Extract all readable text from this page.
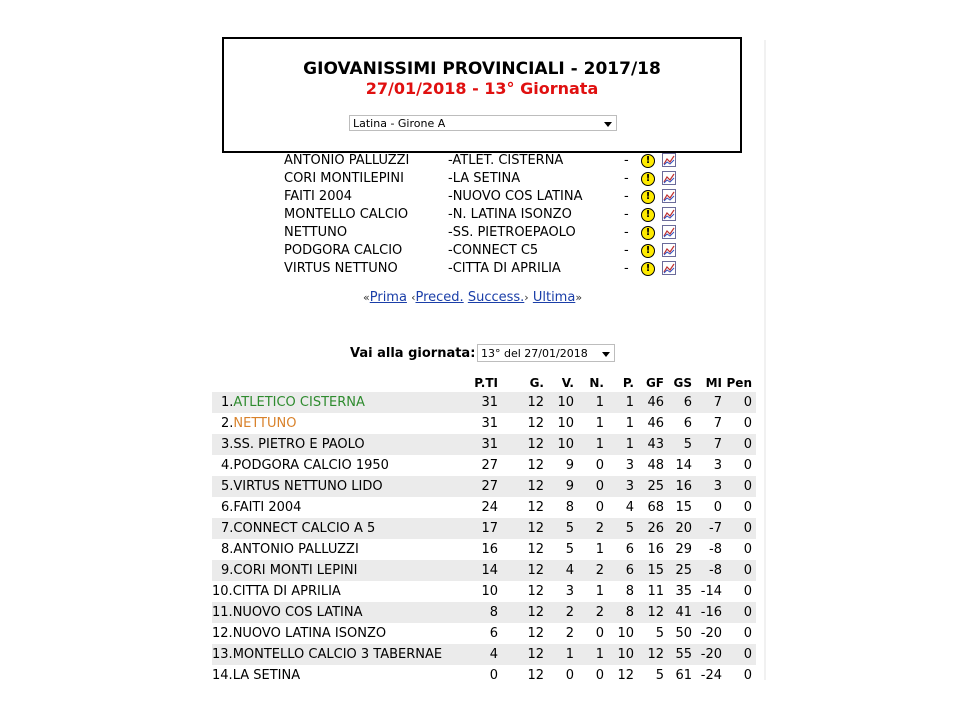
GIOVANISSIMI PROVINCIALI - 2017/18
27/01/2018 - 13° Giornata
Latina - Girone A
ANTONIO PALLUZZI	-ATLET. CISTERNA	-	!
CORI MONTILEPINI	-LA SETINA	-	!
FAITI 2004	-NUOVO COS LATINA	-	!
MONTELLO CALCIO	-N. LATINA ISONZO	-	!
NETTUNO	-SS. PIETROEPAOLO	-	!
PODGORA CALCIO	-CONNECT C5	-	!
VIRTUS NETTUNO	-CITTA DI APRILIA	-	!
«Prima ‹Preced. Success.› Ultima»
Vai alla giornata: 13° del 27/01/2018
P.TI	G. V. N. P. GF GS MI Pen
1.ATLETICO CISTERNA	31 12 10 1 1 46 6 7 0
2.NETTUNO	31 12 10 1 1 46 6 7 0
3.SS. PIETRO E PAOLO	31 12 10 1 1 43 5 7 0
4.PODGORA CALCIO 1950	27 12 9 0 3 48 14 3 0
5.VIRTUS NETTUNO LIDO	27 12 9 0 3 25 16 3 0
6.FAITI 2004	24 12 8 0 4 68 15 0 0
7.CONNECT CALCIO A 5	17 12 5 2 5 26 20 -7 0
8.ANTONIO PALLUZZI	16 12 5 1 6 16 29 -8 0
9.CORI MONTI LEPINI	14 12 4 2 6 15 25 -8 0
10.CITTA DI APRILIA	10 12 3 1 8 11 35 -14 0
11.NUOVO COS LATINA	8 12 2 2 8 12 41 -16 0
12.NUOVO LATINA ISONZO	6 12 2 0 10 5 50 -20 0
13.MONTELLO CALCIO 3 TABERNAE	4 12 1 1 10 12 55 -20 0
14.LA SETINA	0 12 0 0 12 5 61 -24 0
